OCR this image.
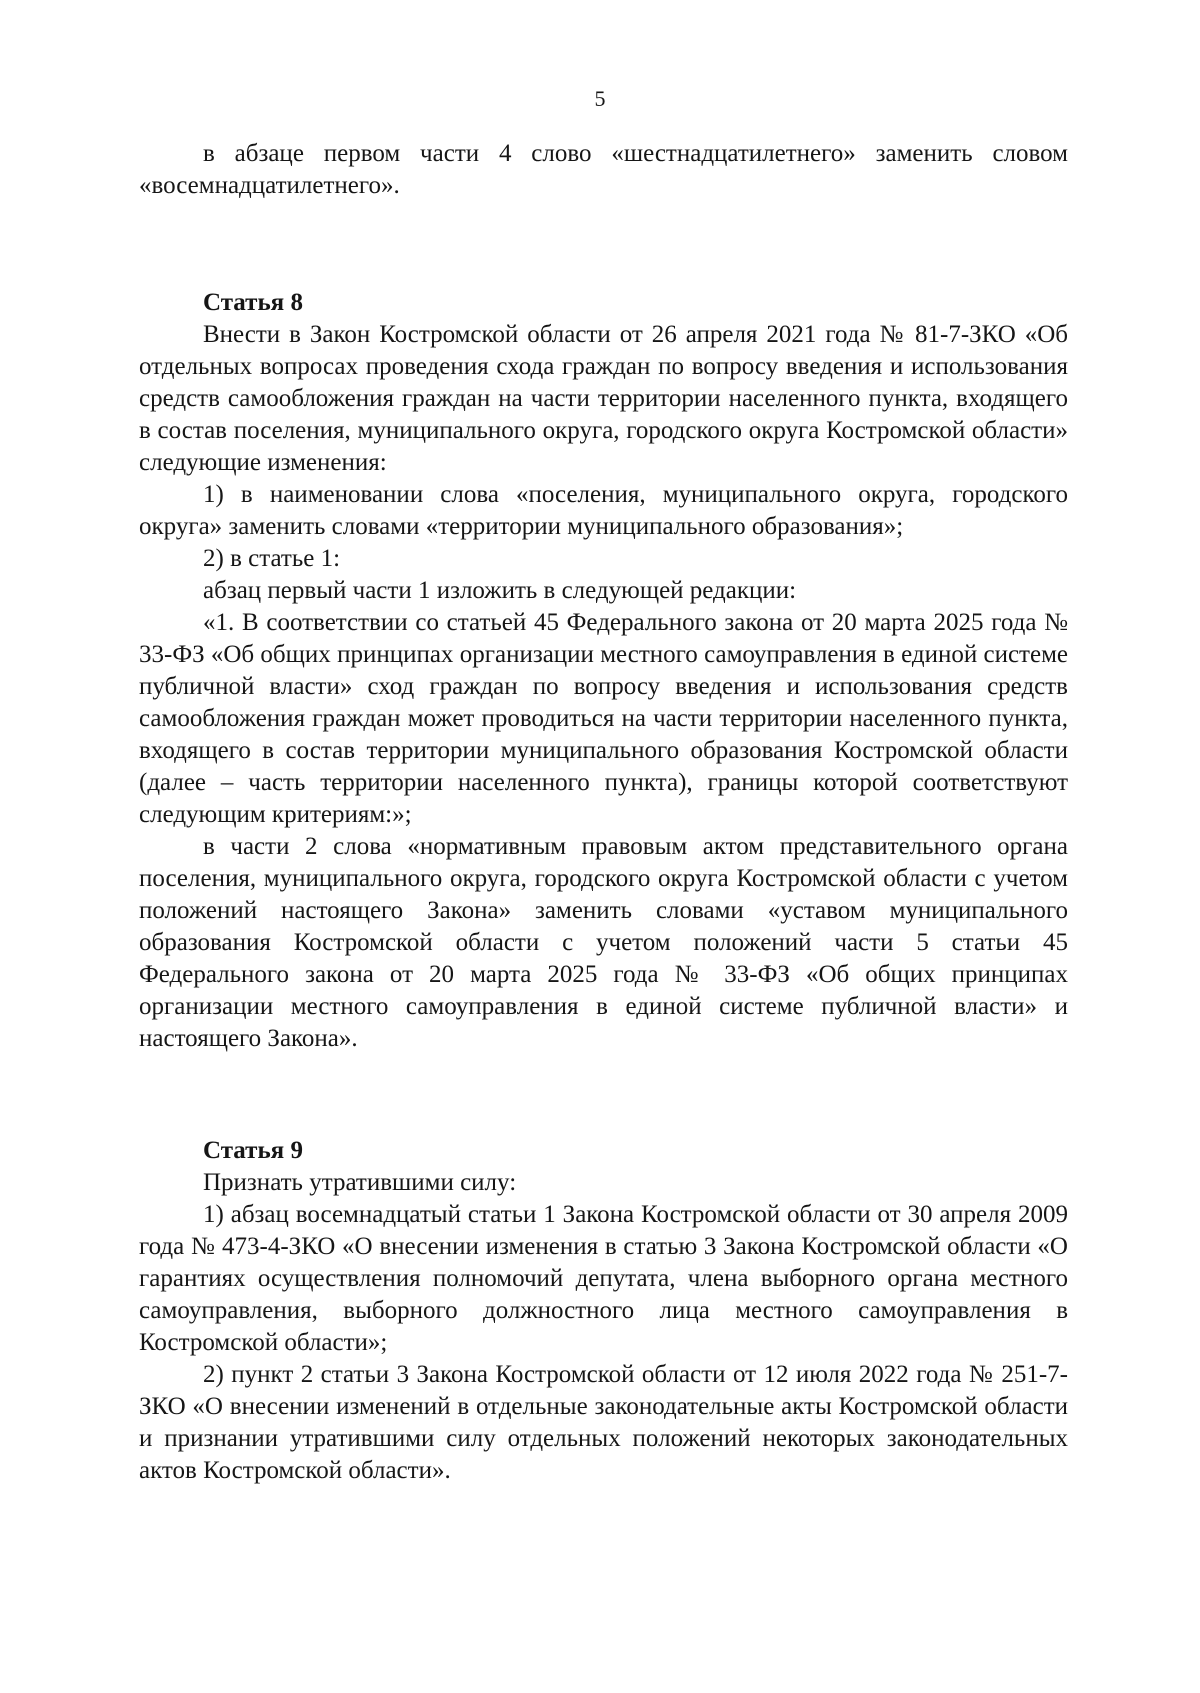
5

в абзаце первом части 4 слово «шестнадцатилетнего» заменить словом «восемнадцатилетнего».

Статья 8

Внести в Закон Костромской области от 26 апреля 2021 года № 81-7-ЗКО «Об отдельных вопросах проведения схода граждан по вопросу введения и использования средств самообложения граждан на части территории населенного пункта, входящего в состав поселения, муниципального округа, городского округа Костромской области» следующие изменения:

1) в наименовании слова «поселения, муниципального округа, городского округа» заменить словами «территории муниципального образования»;

2) в статье 1:

абзац первый части 1 изложить в следующей редакции:

«1. В соответствии со статьей 45 Федерального закона от 20 марта 2025 года № 33-ФЗ «Об общих принципах организации местного самоуправления в единой системе публичной власти» сход граждан по вопросу введения и использования средств самообложения граждан может проводиться на части территории населенного пункта, входящего в состав территории муниципального образования Костромской области (далее – часть территории населенного пункта), границы которой соответствуют следующим критериям:»;

в части 2 слова «нормативным правовым актом представительного органа поселения, муниципального округа, городского округа Костромской области с учетом положений настоящего Закона» заменить словами «уставом муниципального образования Костромской области с учетом положений части 5 статьи 45 Федерального закона от 20 марта 2025 года № 33-ФЗ «Об общих принципах организации местного самоуправления в единой системе публичной власти» и настоящего Закона».

Статья 9

Признать утратившими силу:

1) абзац восемнадцатый статьи 1 Закона Костромской области от 30 апреля 2009 года № 473-4-ЗКО «О внесении изменения в статью 3 Закона Костромской области «О гарантиях осуществления полномочий депутата, члена выборного органа местного самоуправления, выборного должностного лица местного самоуправления в Костромской области»;

2) пункт 2 статьи 3 Закона Костромской области от 12 июля 2022 года № 251-7-ЗКО «О внесении изменений в отдельные законодательные акты Костромской области и признании утратившими силу отдельных положений некоторых законодательных актов Костромской области».
